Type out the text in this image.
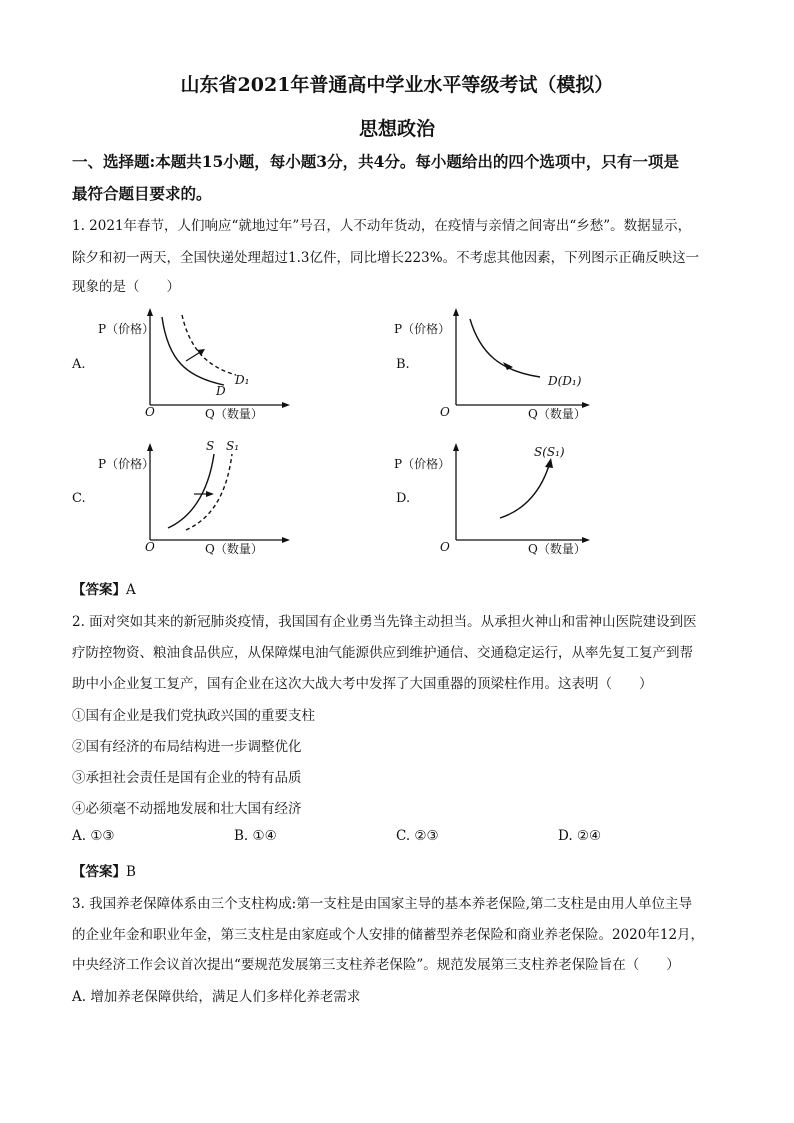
山东省2021年普通高中学业水平等级考试（模拟）
思想政治
一、选择题:本题共15小题，每小题3分，共4分。每小题给出的四个选项中，只有一项是
最符合题目要求的。
1. 2021年春节，人们响应“就地过年”号召，人不动年货动，在疫情与亲情之间寄出“乡愁”。数据显示，
除夕和初一两天，全国快递处理超过1.3亿件，同比增长223%。不考虑其他因素，下列图示正确反映这一
现象的是（　　）
A.
P（价格）
Q（数量）
O
D
D₁
B.
P（价格）
Q（数量）
O
D(D₁)
C.
P（价格）
Q（数量）
O
S S₁
D.
P（价格）
Q（数量）
O
S(S₁)
【答案】A
2. 面对突如其来的新冠肺炎疫情，我国国有企业勇当先锋主动担当。从承担火神山和雷神山医院建设到医
疗防控物资、粮油食品供应，从保障煤电油气能源供应到维护通信、交通稳定运行，从率先复工复产到帮
助中小企业复工复产，国有企业在这次大战大考中发挥了大国重器的顶梁柱作用。这表明（　　）
①国有企业是我们党执政兴国的重要支柱
②国有经济的布局结构进一步调整优化
③承担社会责任是国有企业的特有品质
④必须毫不动摇地发展和壮大国有经济
A. ①③	B. ①④	C. ②③	D. ②④
【答案】B
3. 我国养老保障体系由三个支柱构成:第一支柱是由国家主导的基本养老保险,第二支柱是由用人单位主导
的企业年金和职业年金，第三支柱是由家庭或个人安排的储蓄型养老保险和商业养老保险。2020年12月，
中央经济工作会议首次提出“要规范发展第三支柱养老保险”。规范发展第三支柱养老保险旨在（　　）
A. 增加养老保障供给，满足人们多样化养老需求
